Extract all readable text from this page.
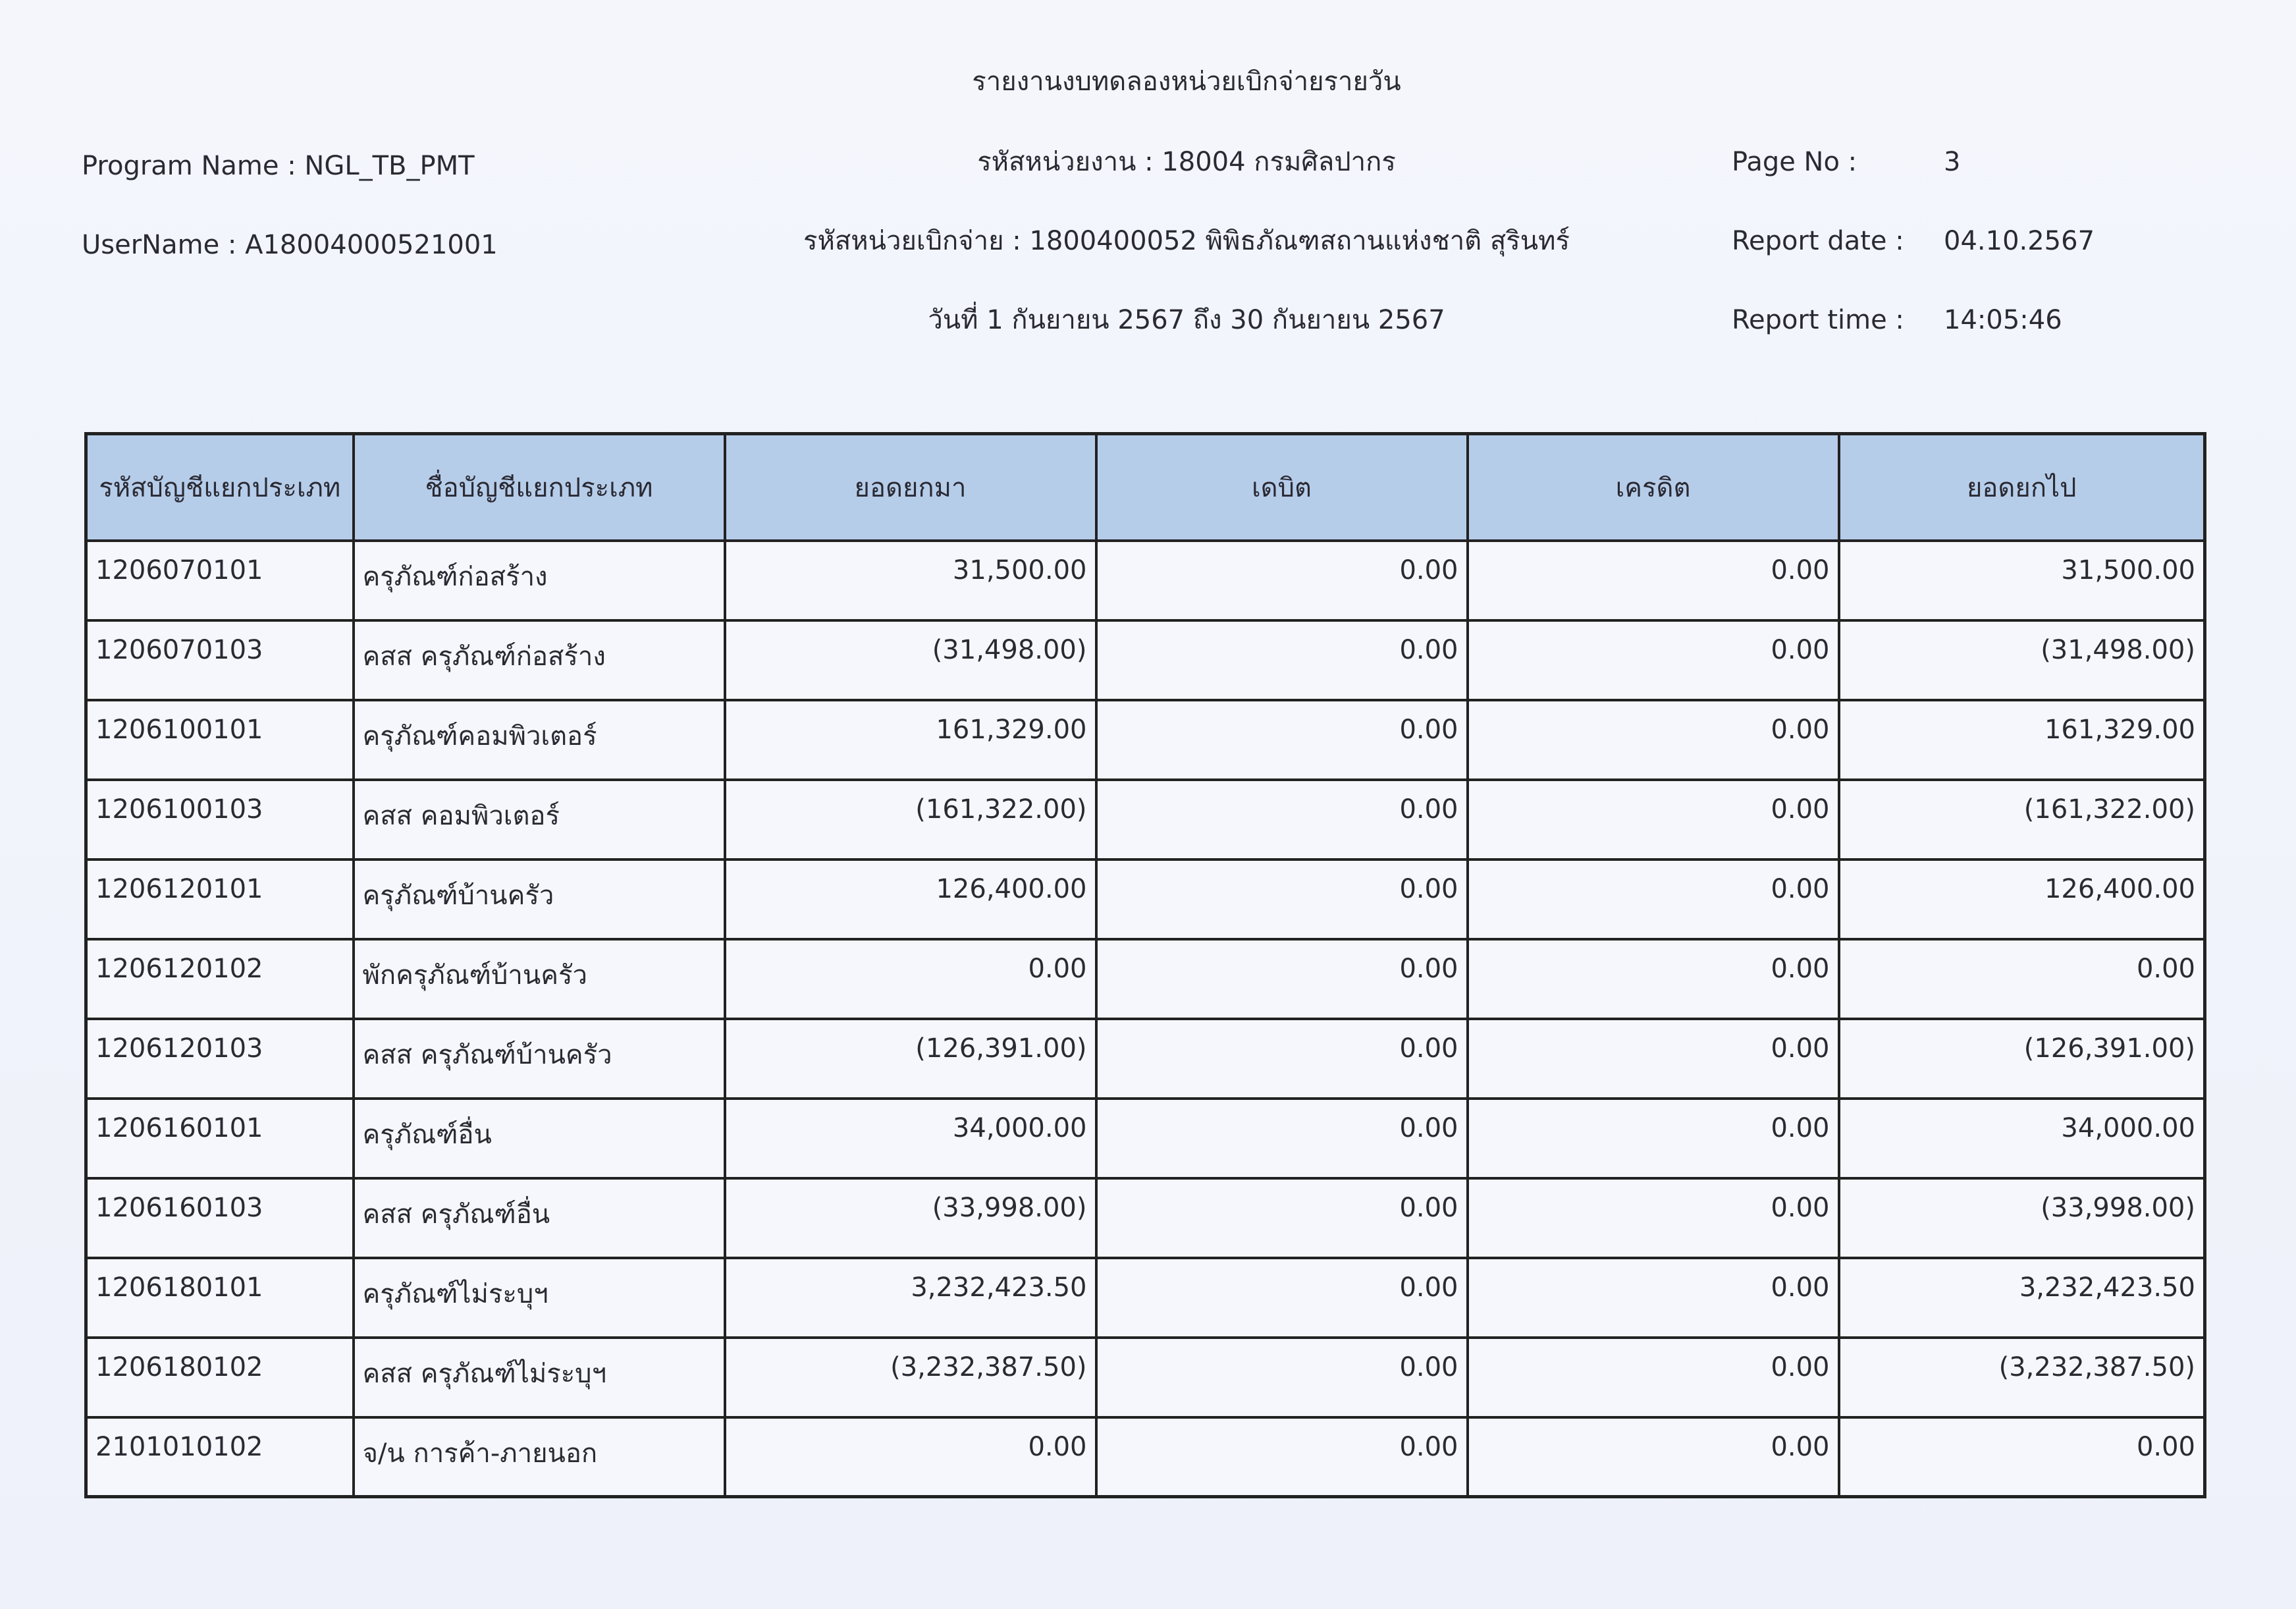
รายงานงบทดลองหน่วยเบิกจ่ายรายวัน
Program Name : NGL_TB_PMT	รหัสหน่วยงาน : 18004 กรมศิลปากร	Page No :	3
UserName : A18004000521001	รหัสหน่วยเบิกจ่าย : 1800400052 พิพิธภัณฑสถานแห่งชาติ สุรินทร์	Report date : 04.10.2567
วันที่ 1 กันยายน 2567 ถึง 30 กันยายน 2567	Report time : 14:05:46
รหัสบัญชีแยกประเภท	ชื่อบัญชีแยกประเภท	ยอดยกมา	เดบิต	เครดิต	ยอดยกไป
1206070101	ครุภัณฑ์ก่อสร้าง	31,500.00	0.00	0.00	31,500.00
1206070103	คสส ครุภัณฑ์ก่อสร้าง	(31,498.00)	0.00	0.00	(31,498.00)
1206100101	ครุภัณฑ์คอมพิวเตอร์	161,329.00	0.00	0.00	161,329.00
1206100103	คสส คอมพิวเตอร์	(161,322.00)	0.00	0.00	(161,322.00)
1206120101	ครุภัณฑ์บ้านครัว	126,400.00	0.00	0.00	126,400.00
1206120102	พักครุภัณฑ์บ้านครัว	0.00	0.00	0.00	0.00
1206120103	คสส ครุภัณฑ์บ้านครัว	(126,391.00)	0.00	0.00	(126,391.00)
1206160101	ครุภัณฑ์อื่น	34,000.00	0.00	0.00	34,000.00
1206160103	คสส ครุภัณฑ์อื่น	(33,998.00)	0.00	0.00	(33,998.00)
1206180101	ครุภัณฑ์ไม่ระบุฯ	3,232,423.50	0.00	0.00	3,232,423.50
1206180102	คสส ครุภัณฑ์ไม่ระบุฯ	(3,232,387.50)	0.00	0.00	(3,232,387.50)
2101010102	จ/น การค้า-ภายนอก	0.00	0.00	0.00	0.00
